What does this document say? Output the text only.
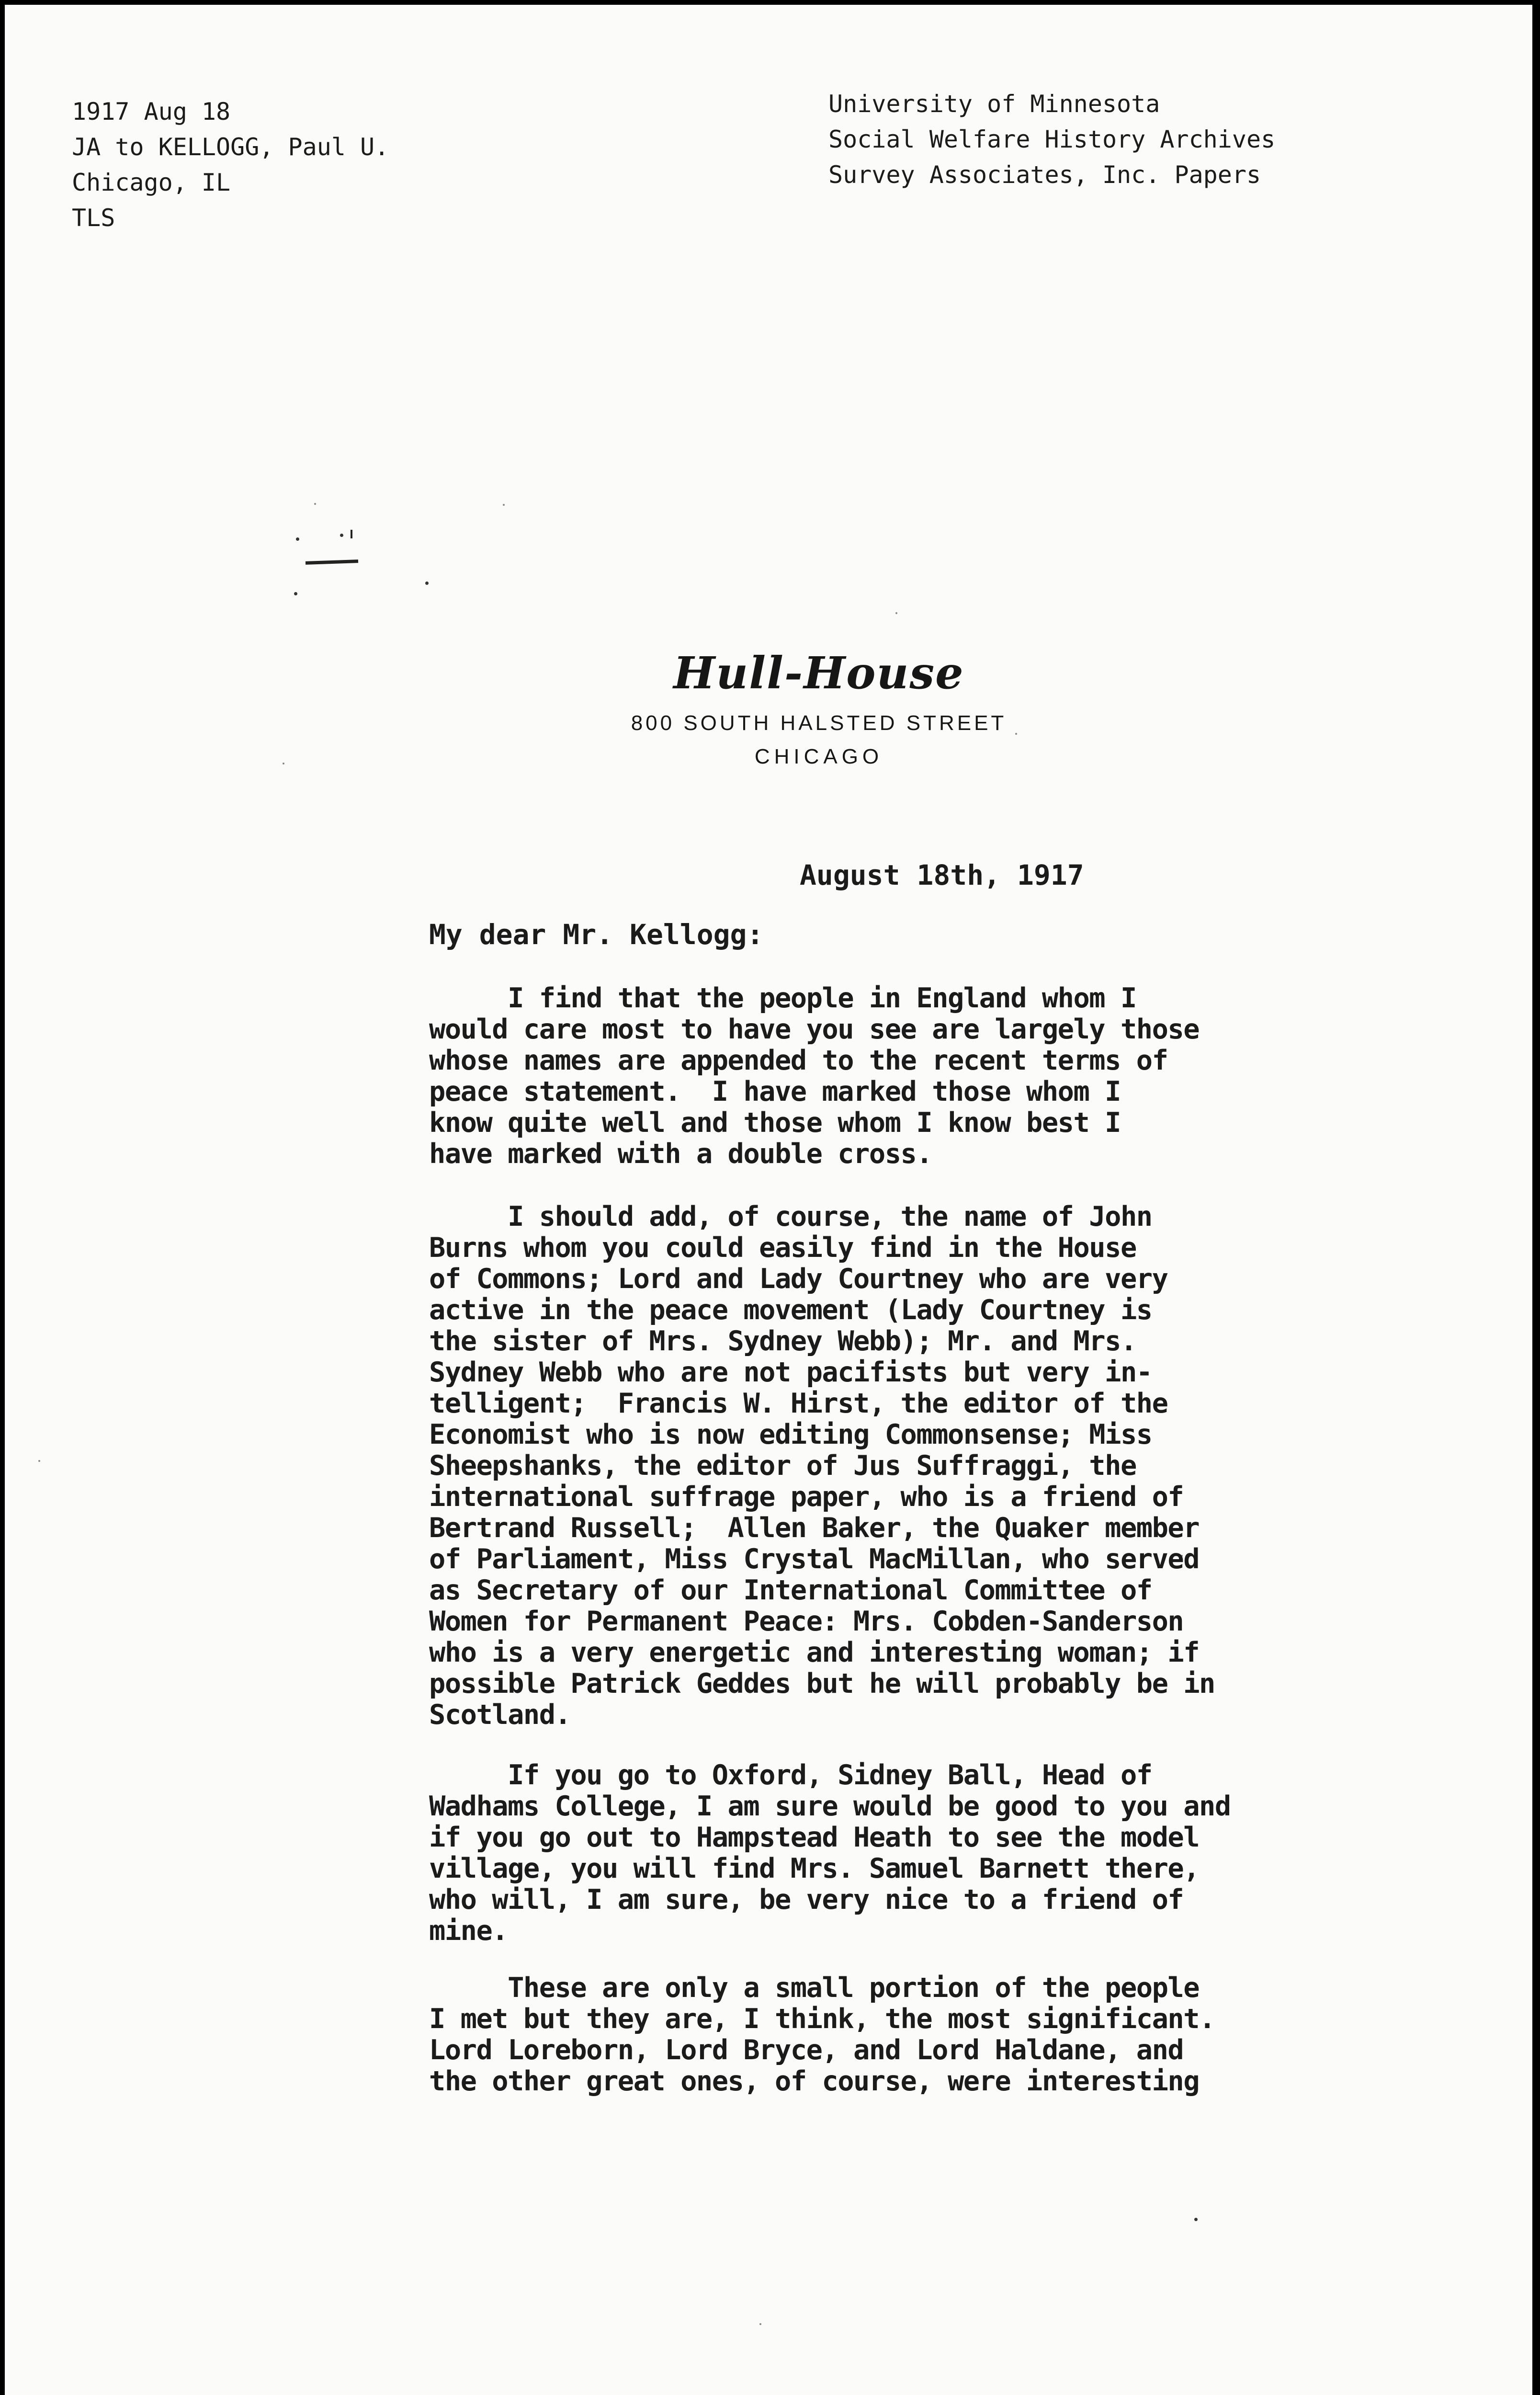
1917 Aug 18
JA to KELLOGG, Paul U.
Chicago, IL
TLS
University of Minnesota
Social Welfare History Archives
Survey Associates, Inc. Papers
Hull-House
800 SOUTH HALSTED STREET
CHICAGO
August 18th, 1917
My dear Mr. Kellogg:
I find that the people in England whom I
would care most to have you see are largely those
whose names are appended to the recent terms of
peace statement.  I have marked those whom I
know quite well and those whom I know best I
have marked with a double cross.
I should add, of course, the name of John
Burns whom you could easily find in the House
of Commons; Lord and Lady Courtney who are very
active in the peace movement (Lady Courtney is
the sister of Mrs. Sydney Webb); Mr. and Mrs.
Sydney Webb who are not pacifists but very in-
telligent;  Francis W. Hirst, the editor of the
Economist who is now editing Commonsense; Miss
Sheepshanks, the editor of Jus Suffraggi, the
international suffrage paper, who is a friend of
Bertrand Russell;  Allen Baker, the Quaker member
of Parliament, Miss Crystal MacMillan, who served
as Secretary of our International Committee of
Women for Permanent Peace: Mrs. Cobden-Sanderson
who is a very energetic and interesting woman; if
possible Patrick Geddes but he will probably be in
Scotland.
If you go to Oxford, Sidney Ball, Head of
Wadhams College, I am sure would be good to you and
if you go out to Hampstead Heath to see the model
village, you will find Mrs. Samuel Barnett there,
who will, I am sure, be very nice to a friend of
mine.
These are only a small portion of the people
I met but they are, I think, the most significant.
Lord Loreborn, Lord Bryce, and Lord Haldane, and
the other great ones, of course, were interesting
